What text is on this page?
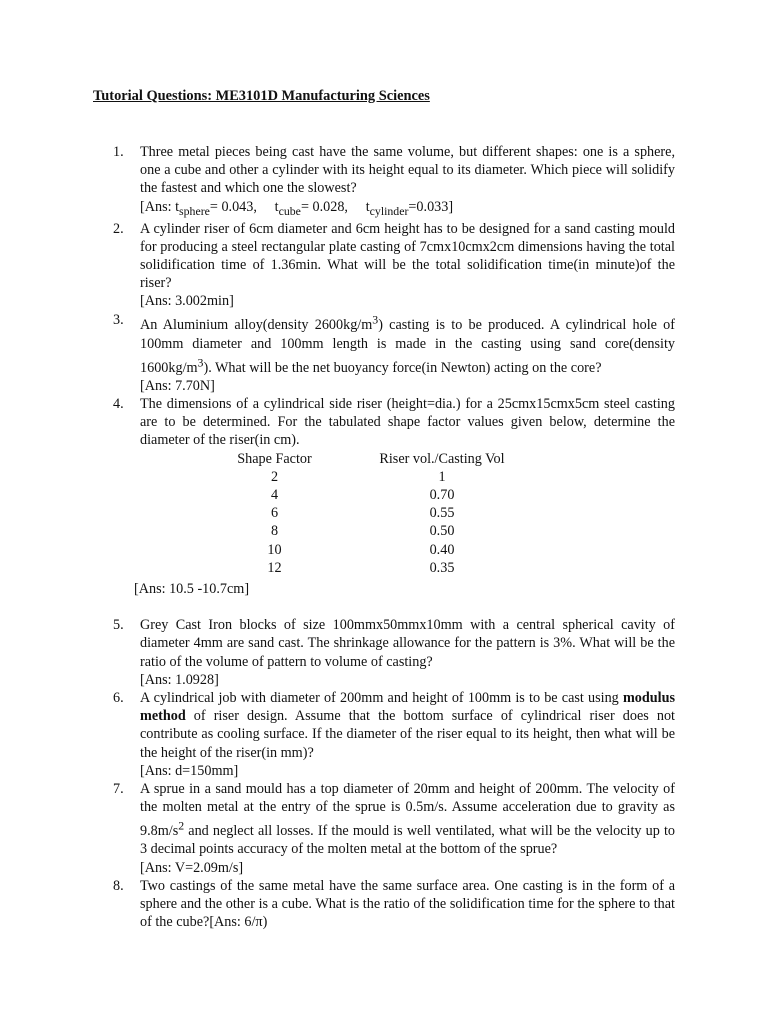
Tutorial Questions: ME3101D Manufacturing Sciences
1.	Three metal pieces being cast have the same volume, but different shapes: one is a sphere, one a cube and other a cylinder with its height equal to its diameter. Which piece will solidify the fastest and which one the slowest?
[Ans: $t_{sphere}= 0.043$, $t_{cube}= 0.028$, $t_{cylinder}=0.033$]
2.	A cylinder riser of 6cm diameter and 6cm height has to be designed for a sand casting mould for producing a steel rectangular plate casting of 7cmx10cmx2cm dimensions having the total solidification time of 1.36min. What will be the total solidification time(in minute)of the riser?
[Ans: 3.002min]
3.	An Aluminium alloy(density $2600kg/m^3$) casting is to be produced. A cylindrical hole of 100mm diameter and 100mm length is made in the casting using sand core(density $1600kg/m^3$). What will be the net buoyancy force(in Newton) acting on the core?
[Ans: 7.70N]
4.	The dimensions of a cylindrical side riser (height=dia.) for a 25cmx15cmx5cm steel casting are to be determined. For the tabulated shape factor values given below, determine the diameter of the riser(in cm).
Shape Factor	Riser vol./Casting Vol
2	1
4	0.70
6	0.55
8	0.50
10	0.40
12	0.35
[Ans: 10.5 -10.7cm]
5.	Grey Cast Iron blocks of size 100mmx50mmx10mm with a central spherical cavity of diameter 4mm are sand cast. The shrinkage allowance for the pattern is 3%. What will be the ratio of the volume of pattern to volume of casting?
[Ans: 1.0928]
6.	A cylindrical job with diameter of 200mm and height of 100mm is to be cast using modulus method of riser design. Assume that the bottom surface of cylindrical riser does not contribute as cooling surface. If the diameter of the riser equal to its height, then what will be the height of the riser(in mm)?
[Ans: d=150mm]
7.	A sprue in a sand mould has a top diameter of 20mm and height of 200mm. The velocity of the molten metal at the entry of the sprue is 0.5m/s. Assume acceleration due to gravity as $9.8m/s^2$ and neglect all losses. If the mould is well ventilated, what will be the velocity up to 3 decimal points accuracy of the molten metal at the bottom of the sprue?
[Ans: V=2.09m/s]
8.	Two castings of the same metal have the same surface area. One casting is in the form of a sphere and the other is a cube. What is the ratio of the solidification time for the sphere to that of the cube?[Ans: 6/π)
